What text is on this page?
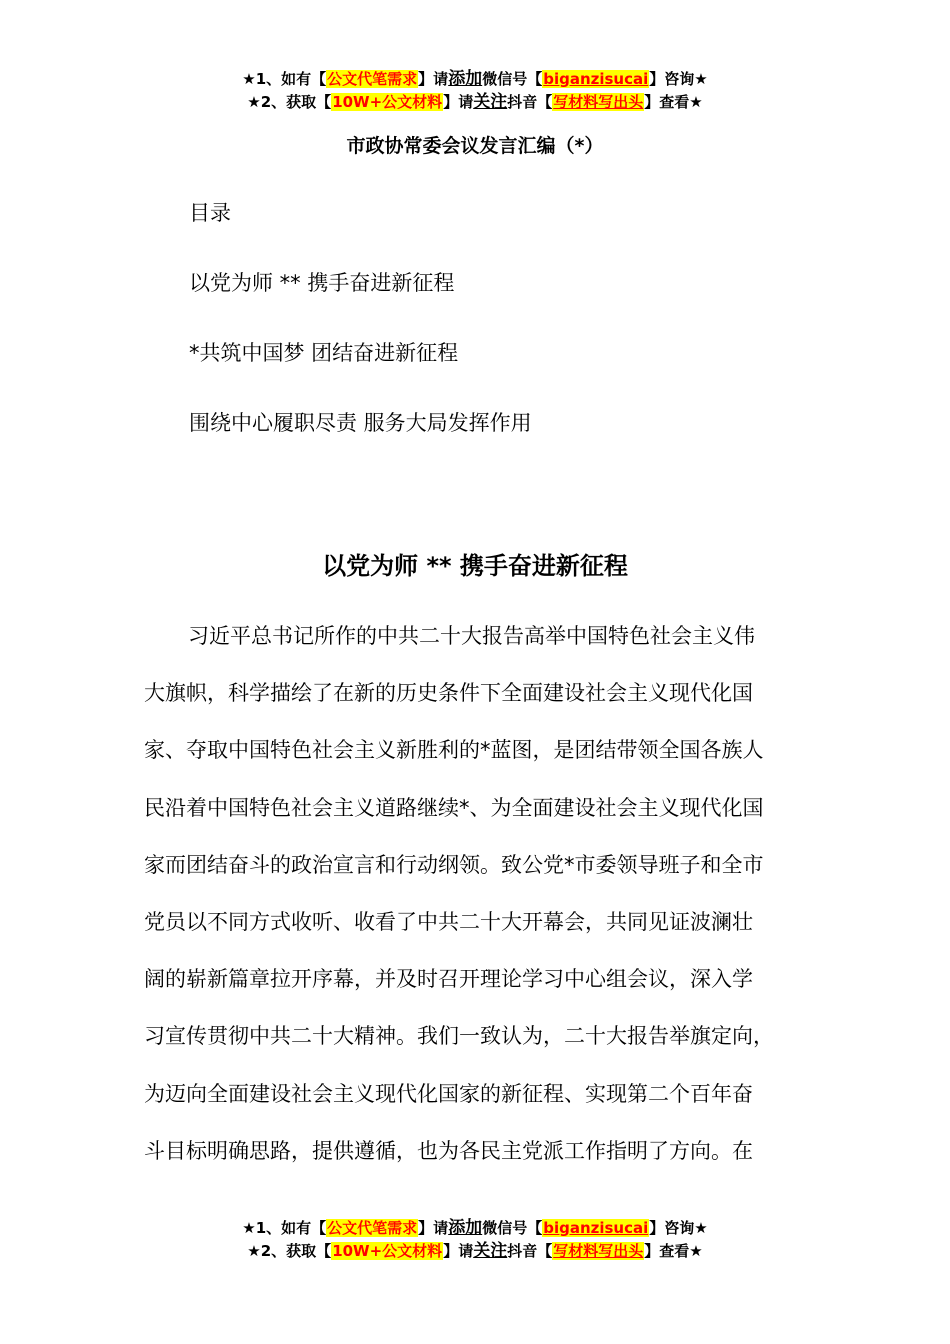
★1、如有【公文代笔需求】请添加微信号【biganzisucai】咨询★
★2、获取【10W+公文材料】请关注抖音【写材料写出头】查看★
市政协常委会议发言汇编（*）
目录
以党为师 ** 携手奋进新征程
*共筑中国梦 团结奋进新征程
围绕中心履职尽责 服务大局发挥作用
以党为师 ** 携手奋进新征程
习近平总书记所作的中共二十大报告高举中国特色社会主义伟
大旗帜，科学描绘了在新的历史条件下全面建设社会主义现代化国
家、夺取中国特色社会主义新胜利的*蓝图，是团结带领全国各族人
民沿着中国特色社会主义道路继续*、为全面建设社会主义现代化国
家而团结奋斗的政治宣言和行动纲领。致公党*市委领导班子和全市
党员以不同方式收听、收看了中共二十大开幕会，共同见证波澜壮
阔的崭新篇章拉开序幕，并及时召开理论学习中心组会议，深入学
习宣传贯彻中共二十大精神。我们一致认为，二十大报告举旗定向，
为迈向全面建设社会主义现代化国家的新征程、实现第二个百年奋
斗目标明确思路，提供遵循，也为各民主党派工作指明了方向。在
★1、如有【公文代笔需求】请添加微信号【biganzisucai】咨询★
★2、获取【10W+公文材料】请关注抖音【写材料写出头】查看★
